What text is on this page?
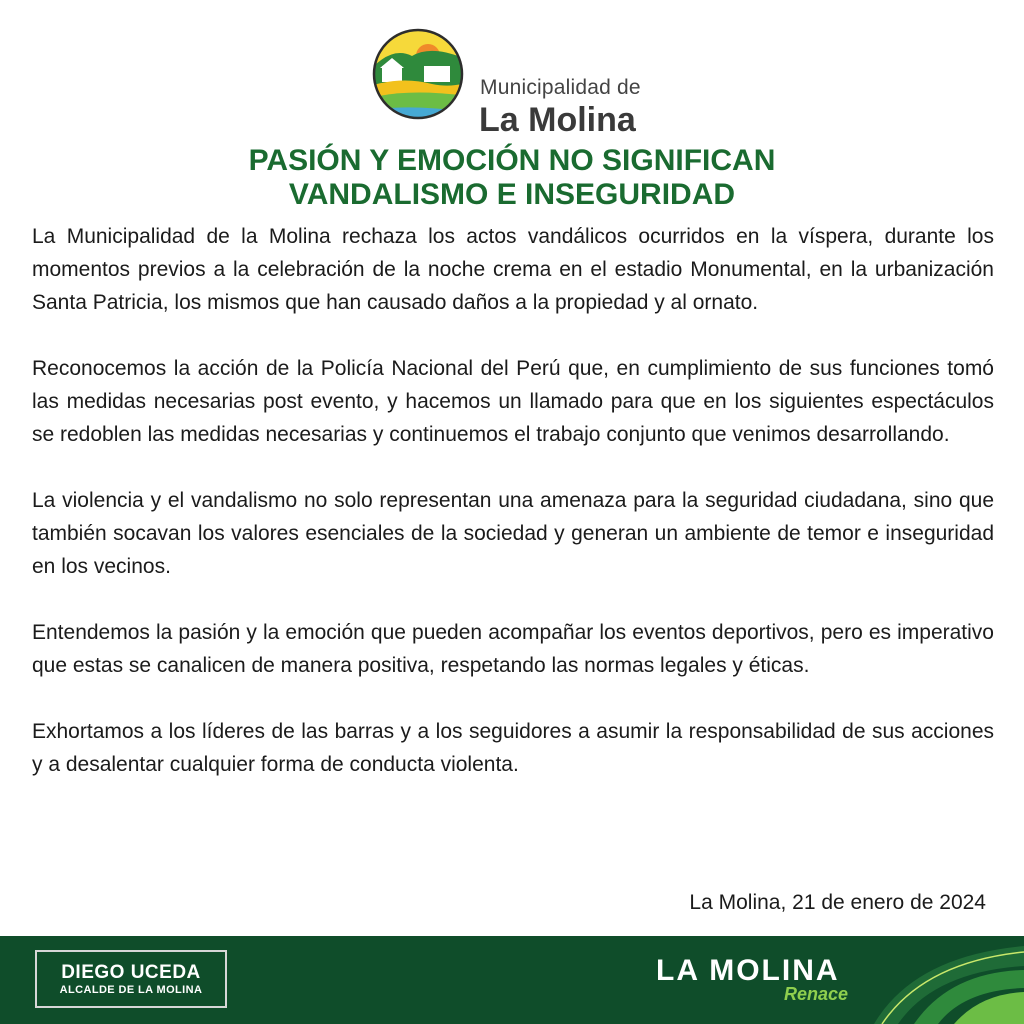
Municipalidad de
La Molina
PASIÓN Y EMOCIÓN NO SIGNIFICAN
VANDALISMO E INSEGURIDAD

La Municipalidad de la Molina rechaza los actos vandálicos ocurridos en la víspera, durante los momentos previos a la celebración de la noche crema en el estadio Monumental, en la urbanización Santa Patricia, los mismos que han causado daños a la propiedad y al ornato.

Reconocemos la acción de la Policía Nacional del Perú que, en cumplimiento de sus funciones tomó las medidas necesarias post evento, y hacemos un llamado para que en los siguientes espectáculos se redoblen las medidas necesarias y continuemos el trabajo conjunto que venimos desarrollando.

La violencia y el vandalismo no solo representan una amenaza para la seguridad ciudadana, sino que también socavan los valores esenciales de la sociedad y generan un ambiente de temor e inseguridad en los vecinos.

Entendemos la pasión y la emoción que pueden acompañar los eventos deportivos, pero es imperativo que estas se canalicen de manera positiva, respetando las normas legales y éticas.

Exhortamos a los líderes de las barras y a los seguidores a asumir la responsabilidad de sus acciones y a desalentar cualquier forma de conducta violenta.

La Molina, 21 de enero de 2024
DIEGO UCEDA
ALCALDE DE LA MOLINA
LA MOLINA
Renace
